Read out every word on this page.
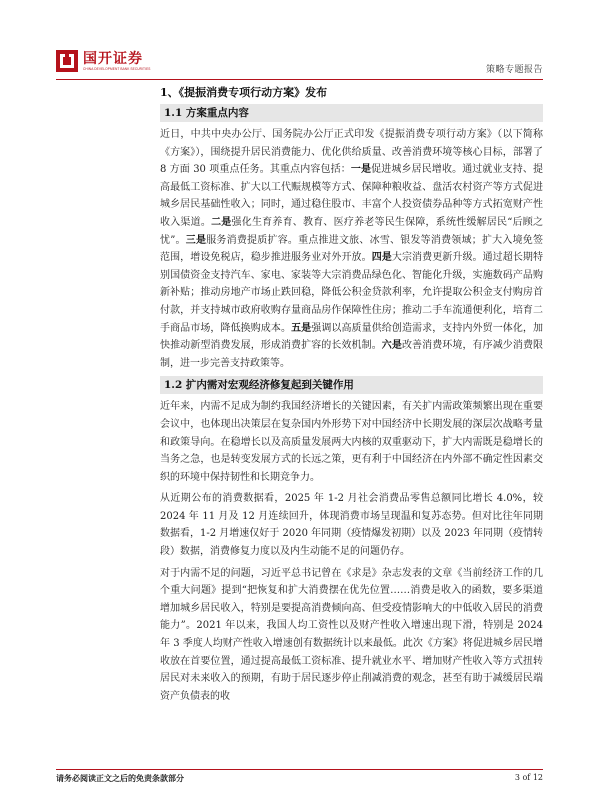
国开证券
CHINA DEVELOPMENT BANK SECURITIES	策略专题报告
1、《提振消费专项行动方案》发布
1.1 方案重点内容

近日，中共中央办公厅、国务院办公厅正式印发《提振消费专项行动方案》（以下简称《方案》），围绕提升居民消费能力、优化供给质量、改善消费环境等核心目标，部署了 8 方面 30 项重点任务。其重点内容包括：一是促进城乡居民增收。通过就业支持、提高最低工资标准、扩大以工代赈规模等方式、保障种粮收益、盘活农村资产等方式促进城乡居民基础性收入；同时，通过稳住股市、丰富个人投资债券品种等方式拓宽财产性收入渠道。二是强化生育养育、教育、医疗养老等民生保障，系统性缓解居民“后顾之忧”。三是服务消费提质扩容。重点推进文旅、冰雪、银发等消费领域；扩大入境免签范围，增设免税店，稳步推进服务业对外开放。四是大宗消费更新升级。通过超长期特别国债资金支持汽车、家电、家装等大宗消费品绿色化、智能化升级，实施数码产品购新补贴；推动房地产市场止跌回稳，降低公积金贷款利率，允许提取公积金支付购房首付款，并支持城市政府收购存量商品房作保障性住房；推动二手车流通便利化，培育二手商品市场，降低换购成本。五是强调以高质量供给创造需求，支持内外贸一体化，加快推动新型消费发展，形成消费扩容的长效机制。六是改善消费环境，有序减少消费限制，进一步完善支持政策等。

1.2 扩内需对宏观经济修复起到关键作用

近年来，内需不足成为制约我国经济增长的关键因素，有关扩内需政策频繁出现在重要会议中，也体现出决策层在复杂国内外形势下对中国经济中长期发展的深层次战略考量和政策导向。在稳增长以及高质量发展两大内核的双重驱动下，扩大内需既是稳增长的当务之急，也是转变发展方式的长远之策，更有利于中国经济在内外部不确定性因素交织的环境中保持韧性和长期竞争力。

从近期公布的消费数据看，2025 年 1-2 月社会消费品零售总额同比增长 4.0%，较 2024 年 11 月及 12 月连续回升，体现消费市场呈现温和复苏态势。但对比往年同期数据看，1-2 月增速仅好于 2020 年同期（疫情爆发初期）以及 2023 年同期（疫情转段）数据，消费修复力度以及内生动能不足的问题仍存。

对于内需不足的问题，习近平总书记曾在《求是》杂志发表的文章《当前经济工作的几个重大问题》提到“把恢复和扩大消费摆在优先位置……消费是收入的函数，要多渠道增加城乡居民收入，特别是要提高消费倾向高、但受疫情影响大的中低收入居民的消费能力”。2021 年以来，我国人均工资性以及财产性收入增速出现下滑，特别是 2024 年 3 季度人均财产性收入增速创有数据统计以来最低。此次《方案》将促进城乡居民增收放在首要位置，通过提高最低工资标准、提升就业水平、增加财产性收入等方式扭转居民对未来收入的预期，有助于居民逐步停止削减消费的观念，甚至有助于减缓居民端资产负债表的收

请务必阅读正文之后的免责条款部分	3 of 12
